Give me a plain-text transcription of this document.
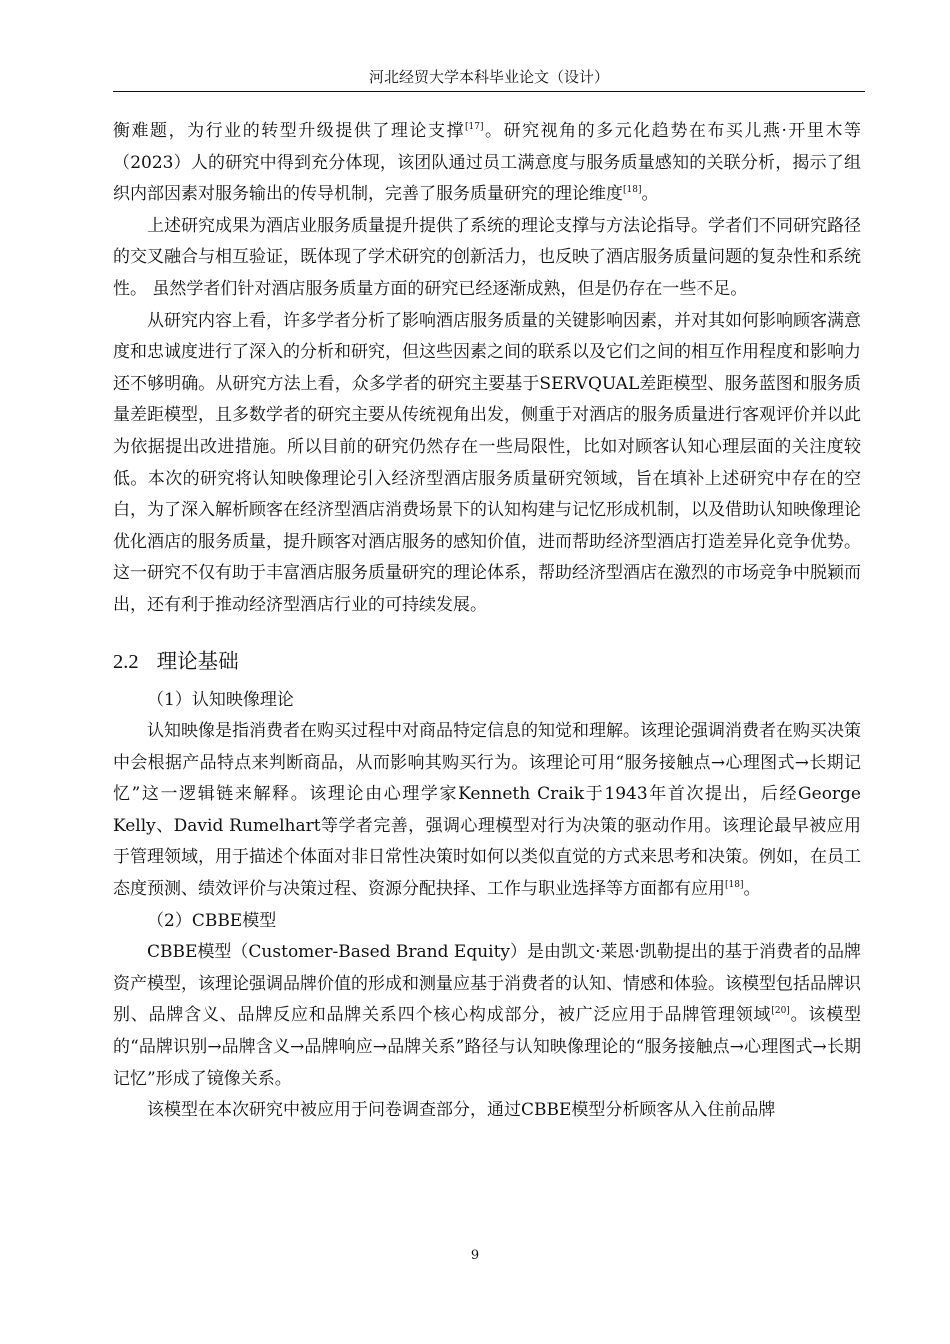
河北经贸大学本科毕业论文（设计）

衡难题，为行业的转型升级提供了理论支撑[17]。研究视角的多元化趋势在布买儿燕·开里木等（2023）人的研究中得到充分体现，该团队通过员工满意度与服务质量感知的关联分析，揭示了组织内部因素对服务输出的传导机制，完善了服务质量研究的理论维度[18]。

上述研究成果为酒店业服务质量提升提供了系统的理论支撑与方法论指导。学者们不同研究路径的交叉融合与相互验证，既体现了学术研究的创新活力，也反映了酒店服务质量问题的复杂性和系统性。 虽然学者们针对酒店服务质量方面的研究已经逐渐成熟，但是仍存在一些不足。

从研究内容上看，许多学者分析了影响酒店服务质量的关键影响因素，并对其如何影响顾客满意度和忠诚度进行了深入的分析和研究，但这些因素之间的联系以及它们之间的相互作用程度和影响力还不够明确。从研究方法上看，众多学者的研究主要基于SERVQUAL差距模型、服务蓝图和服务质量差距模型，且多数学者的研究主要从传统视角出发，侧重于对酒店的服务质量进行客观评价并以此为依据提出改进措施。所以目前的研究仍然存在一些局限性，比如对顾客认知心理层面的关注度较低。本次的研究将认知映像理论引入经济型酒店服务质量研究领域，旨在填补上述研究中存在的空白，为了深入解析顾客在经济型酒店消费场景下的认知构建与记忆形成机制，以及借助认知映像理论优化酒店的服务质量，提升顾客对酒店服务的感知价值，进而帮助经济型酒店打造差异化竞争优势。这一研究不仅有助于丰富酒店服务质量研究的理论体系，帮助经济型酒店在激烈的市场竞争中脱颖而出，还有利于推动经济型酒店行业的可持续发展。

2.2 理论基础

（1）认知映像理论

认知映像是指消费者在购买过程中对商品特定信息的知觉和理解。该理论强调消费者在购买决策中会根据产品特点来判断商品，从而影响其购买行为。该理论可用“服务接触点→心理图式→长期记忆”这一逻辑链来解释。该理论由心理学家Kenneth Craik于1943年首次提出，后经George Kelly、David Rumelhart等学者完善，强调心理模型对行为决策的驱动作用。该理论最早被应用于管理领域，用于描述个体面对非日常性决策时如何以类似直觉的方式来思考和决策。例如，在员工态度预测、绩效评价与决策过程、资源分配抉择、工作与职业选择等方面都有应用[18]。

（2）CBBE模型

CBBE模型（Customer-Based Brand Equity）是由凯文·莱恩·凯勒提出的基于消费者的品牌资产模型，该理论强调品牌价值的形成和测量应基于消费者的认知、情感和体验。该模型包括品牌识别、品牌含义、品牌反应和品牌关系四个核心构成部分，被广泛应用于品牌管理领域[20]。该模型的“品牌识别→品牌含义→品牌响应→品牌关系”路径与认知映像理论的“服务接触点→心理图式→长期记忆”形成了镜像关系。

该模型在本次研究中被应用于问卷调查部分，通过CBBE模型分析顾客从入住前品牌

9
